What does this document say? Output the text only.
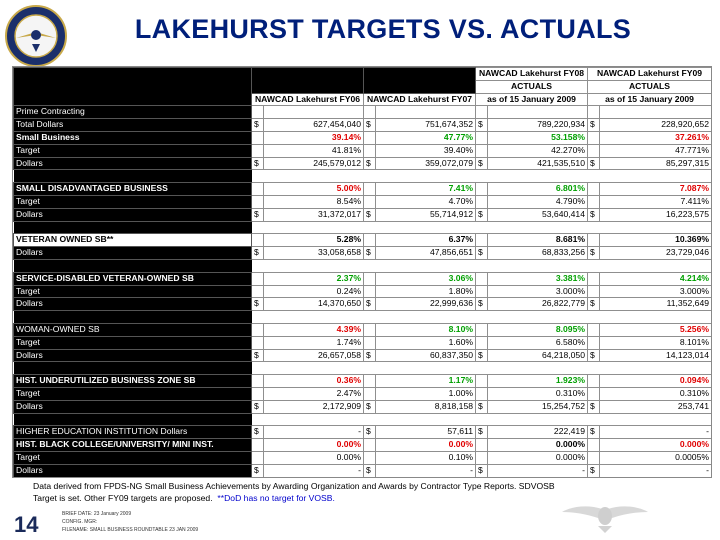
LAKEHURST TARGETS VS. ACTUALS
					NAWCAD Lakehurst FY08		NAWCAD Lakehurst FY09	
					ACTUALS		ACTUALS	
	NAWCAD Lakehurst FY06		NAWCAD Lakehurst FY07		as of 15 January 2009		as of 15 January 2009	
Prime Contracting								
Total Dollars	$	627,454,040	$	751,674,352	$	789,220,934	$	228,920,652
Small Business		39.14%		47.77%		53.158%		37.261%
Target		41.81%		39.40%		42.270%		47.771%
Dollars	$	245,579,012	$	359,072,079	$	421,535,510	$	85,297,315

SMALL DISADVANTAGED BUSINESS		5.00%		7.41%		6.801%		7.087%
Target		8.54%		4.70%		4.790%		7.411%
Dollars	$	31,372,017	$	55,714,912	$	53,640,414	$	16,223,575

VETERAN OWNED SB**		5.28%		6.37%		8.681%		10.369%
Dollars	$	33,058,658	$	47,856,651	$	68,833,256	$	23,729,046

SERVICE-DISABLED VETERAN-OWNED SB		2.37%		3.06%		3.381%		4.214%
Target		0.24%		1.80%		3.000%		3.000%
Dollars	$	14,370,650	$	22,999,636	$	26,822,779	$	11,352,649

WOMAN-OWNED SB		4.39%		8.10%		8.095%		5.256%
Target		1.74%		1.60%		6.580%		8.101%
Dollars	$	26,657,058	$	60,837,350	$	64,218,050	$	14,123,014

HIST. UNDERUTILIZED BUSINESS ZONE SB		0.36%		1.17%		1.923%		0.094%
Target		2.47%		1.00%		0.310%		0.310%
Dollars	$	2,172,909	$	8,818,158	$	15,254,752	$	253,741

HIGHER EDUCATION INSTITUTION Dollars	$	-	$	57,611	$	222,419	$	-
HIST. BLACK COLLEGE/UNIVERSITY/ MINI INST.		0.00%		0.00%		0.000%		0.000%
Target		0.00%		0.10%		0.000%		0.0005%
Dollars	$	-	$	-	$	-	$	-
Data derived from FPDS-NG Small Business Achievements by Awarding Organization and Awards by Contractor Type Reports. SDVOSB
Target is set. Other FY09 targets are proposed. **DoD has no target for VOSB.
14	BRIEF DATE: 23 January 2009
CONFIG. MGR:
FILENAME: SMALL BUSINESS ROUNDTABLE 23 JAN 2009
